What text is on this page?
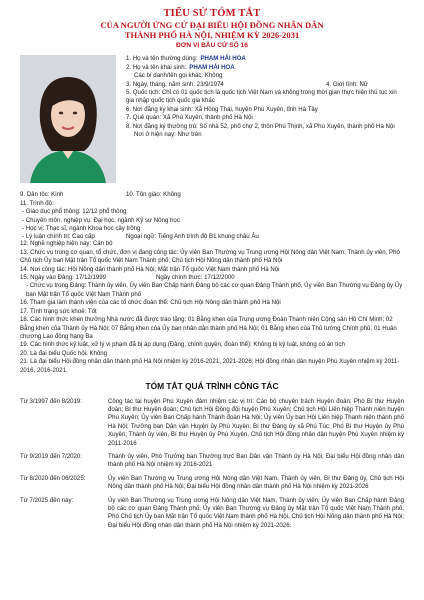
TIỂU SỬ TÓM TẮT
CỦA NGƯỜI ỨNG CỬ ĐẠI BIỂU HỘI ĐỒNG NHÂN DÂN
THÀNH PHỐ HÀ NỘI, NHIỆM KỲ 2026-2031
ĐƠN VỊ BẦU CỬ SỐ 16
1. Họ và tên thường dùng: PHẠM HẢI HOA
2. Họ và tên khai sinh: PHẠM HẢI HOA
Các bí danh/tên gọi khác: Không
3. Ngày, tháng, năm sinh: 23/9/1974	4. Giới tính: Nữ
5. Quốc tịch: Chỉ có 01 quốc tịch là quốc tịch Việt Nam và không trong thời gian thực hiện thủ tục xin gia nhập quốc tịch quốc gia khác
6. Nơi đăng ký khai sinh: Xã Hồng Thái, huyện Phú Xuyên, tỉnh Hà Tây
7. Quê quán: Xã Phú Xuyên, thành phố Hà Nội
8. Nơi đăng ký thường trú: Số nhà 52, phố chợ 2, thôn Phú Thịnh, xã Phú Xuyên, thành phố Hà Nội
Nơi ở hiện nay: Như trên
9. Dân tộc: Kinh	10. Tôn giáo: Không
11. Trình độ:
- Giáo dục phổ thông: 12/12 phổ thông
- Chuyên môn, nghiệp vụ: Đại học, ngành Kỹ sư Nông học
- Học vị: Thạc sĩ, ngành Khoa học cây trồng
- Lý luận chính trị: Cao cấp	Ngoại ngữ: Tiếng Anh trình độ B1 khung châu Âu
12. Nghề nghiệp hiện nay: Cán bộ
13. Chức vụ trong cơ quan, tổ chức, đơn vị đang công tác: Ủy viên Ban Thường vụ Trung ương Hội Nông dân Việt Nam; Thành ủy viên, Phó Chủ tịch Ủy ban Mặt trận Tổ quốc Việt Nam Thành phố; Chủ tịch Hội Nông dân thành phố Hà Nội
14. Nơi công tác: Hội Nông dân thành phố Hà Nội; Mặt trận Tổ quốc Việt Nam thành phố Hà Nội
15. Ngày vào Đảng: 17/12/1999	Ngày chính thức: 17/12/2000
- Chức vụ trong Đảng: Thành ủy viên, Ủy viên Ban Chấp hành Đảng bộ các cơ quan Đảng Thành phố, Ủy viên Ban Thường vụ Đảng ủy Ủy ban Mặt trận Tổ quốc Việt Nam Thành phố
16. Tham gia làm thành viên của các tổ chức đoàn thể: Chủ tịch Hội Nông dân thành phố Hà Nội
17. Tình trạng sức khoẻ: Tốt
18. Các hình thức khen thưởng Nhà nước đã được trao tặng: 01 Bằng khen của Trung ương Đoàn Thanh niên Cộng sản Hồ Chí Minh; 02 Bằng khen của Thành ủy Hà Nội; 07 Bằng khen của Ủy ban nhân dân thành phố Hà Nội; 01 Bằng khen của Thủ tướng Chính phủ; 01 Huân chương Lao động hạng Ba
19. Các hình thức kỷ luật, xử lý vi phạm đã bị áp dụng (Đảng, chính quyền, đoàn thể): Không bị kỷ luật, không có án tích
20. Là đại biểu Quốc hội: Không
21. Là đại biểu Hội đồng nhân dân thành phố Hà Nội nhiệm kỳ 2016-2021, 2021-2026; Hội đồng nhân dân huyện Phú Xuyên nhiệm kỳ 2011-2016, 2016-2021.
TÓM TẮT QUÁ TRÌNH CÔNG TÁC
Từ 3/1997 đến 8/2019:	Công tác tại huyện Phú Xuyên đảm nhiệm các vị trí: Cán bộ chuyên trách Huyện đoàn; Phó Bí thư Huyện đoàn; Bí thư Huyện đoàn; Chủ tịch Hội Đồng đội huyện Phú Xuyên; Chủ tịch Hội Liên hiệp Thanh niên huyện Phú Xuyên; Ủy viên Ban Chấp hành Thành đoàn Hà Nội; Ủy viên Ủy ban Hội Liên hiệp Thanh niên thành phố Hà Nội; Trưởng ban Dân vận Huyện ủy Phú Xuyên; Bí thư Đảng ủy xã Phú Túc; Phó Bí thư Huyện ủy Phú Xuyên; Thành ủy viên, Bí thư Huyện ủy Phú Xuyên, Chủ tịch Hội đồng nhân dân huyện Phú Xuyên nhiệm kỳ 2011-2016
Từ 9/2019 đến 7/2020:	Thành ủy viên, Phó Trưởng ban Thường trực Ban Dân vận Thành ủy Hà Nội; Đại biểu Hội đồng nhân dân thành phố Hà Nội nhiệm kỳ 2016-2021
Từ 8/2020 đến 06/2025:	Ủy viên Ban Thường vụ Trung ương Hội Nông dân Việt Nam, Thành ủy viên, Bí thư Đảng ủy, Chủ tịch Hội Nông dân thành phố Hà Nội; Đại biểu Hội đồng nhân dân thành phố Hà Nội nhiệm kỳ 2021-2026
Từ 7/2025 đến nay:	Ủy viên Ban Thường vụ Trung ương Hội Nông dân Việt Nam, Thành ủy viên, Ủy viên Ban Chấp hành Đảng bộ các cơ quan Đảng Thành phố, Ủy viên Ban Thường vụ Đảng ủy Mặt trận Tổ quốc Việt Nam Thành phố, Phó Chủ tịch Ủy ban Mặt trận Tổ quốc Việt Nam thành phố Hà Nội, Chủ tịch Hội Nông dân thành phố Hà Nội; Đại biểu Hội đồng nhân dân thành phố Hà Nội nhiệm kỳ 2021-2026.
